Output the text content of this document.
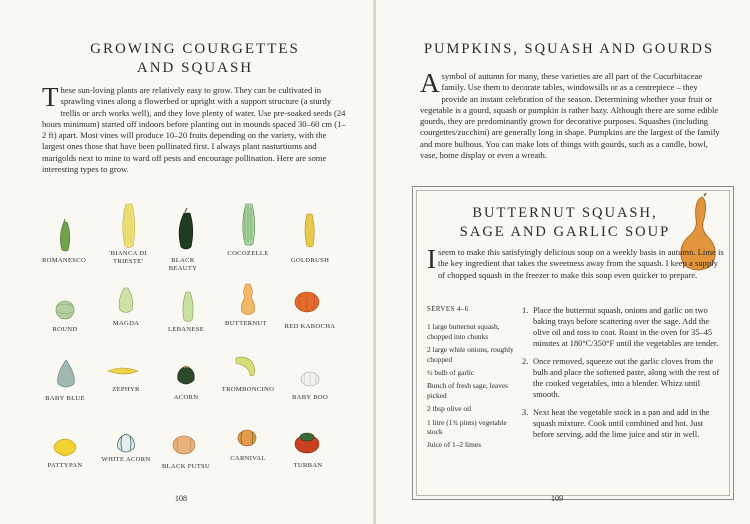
GROWING COURGETTES
AND SQUASH

These sun-loving plants are relatively easy to grow. They can be cultivated in sprawling vines along a flowerbed or upright with a support structure (a sturdy trellis or arch works well), and they love plenty of water. Use pre-soaked seeds (24 hours minimum) started off indoors before planting out in mounds spaced 30–60 cm (1–2 ft) apart. Most vines will produce 10–20 fruits depending on the variety, with the largest ones those that have been pollinated first. I always plant nasturtiums and marigolds next to mine to ward off pests and encourage pollination. Here are some interesting types to grow.

ROMANESCO
'BIANCA DI TRIESTE'	BLACK BEAUTY
COCOZELLE
GOLDRUSH
ROUND
MAGDA
LEBANESE
BUTTERNUT	RED KABOCHA
BABY BLUE
ZEPHYR
ACORN
TROMBONCINO
BABY BOO
PATTYPAN
WHITE ACORN
BLACK FUTSU
CARNIVAL
TURBAN
108
PUMPKINS, SQUASH AND GOURDS

A symbol of autumn for many, these varieties are all part of the Cucurbitaceae family. Use them to decorate tables, windowsills or as a centrepiece – they provide an instant celebration of the season. Determining whether your fruit or vegetable is a gourd, squash or pumpkin is rather hazy. Although there are some edible gourds, they are predominantly grown for decorative purposes. Squashes (including courgettes/zucchini) are generally long in shape. Pumpkins are the largest of the family and more bulbous. You can make lots of things with gourds, such as a candle, bowl, vase, home display or even a wreath.

BUTTERNUT SQUASH,
SAGE AND GARLIC SOUP

I seem to make this satisfyingly delicious soup on a weekly basis in autumn. Lime is the key ingredient that takes the sweetness away from the squash. I keep a supply of chopped squash in the freezer to make this soup even quicker to prepare.

SERVES 4–6
1 large butternut squash, chopped into chunks
2 large white onions, roughly chopped
½ bulb of garlic
Bunch of fresh sage, leaves picked
2 tbsp olive oil
1 litre (1¾ pints) vegetable stock
Juice of 1–2 limes
1. Place the butternut squash, onions and garlic on two baking trays before scattering over the sage. Add the olive oil and toss to coat. Roast in the oven for 35–45 minutes at 180°C/350°F until the vegetables are tender.
2. Once removed, squeeze out the garlic cloves from the bulb and place the softened paste, along with the rest of the cooked vegetables, into a blender. Whizz until smooth.
3. Next heat the vegetable stock in a pan and add in the squash mixture. Cook until combined and hot. Just before serving, add the lime juice and stir in well.
109
